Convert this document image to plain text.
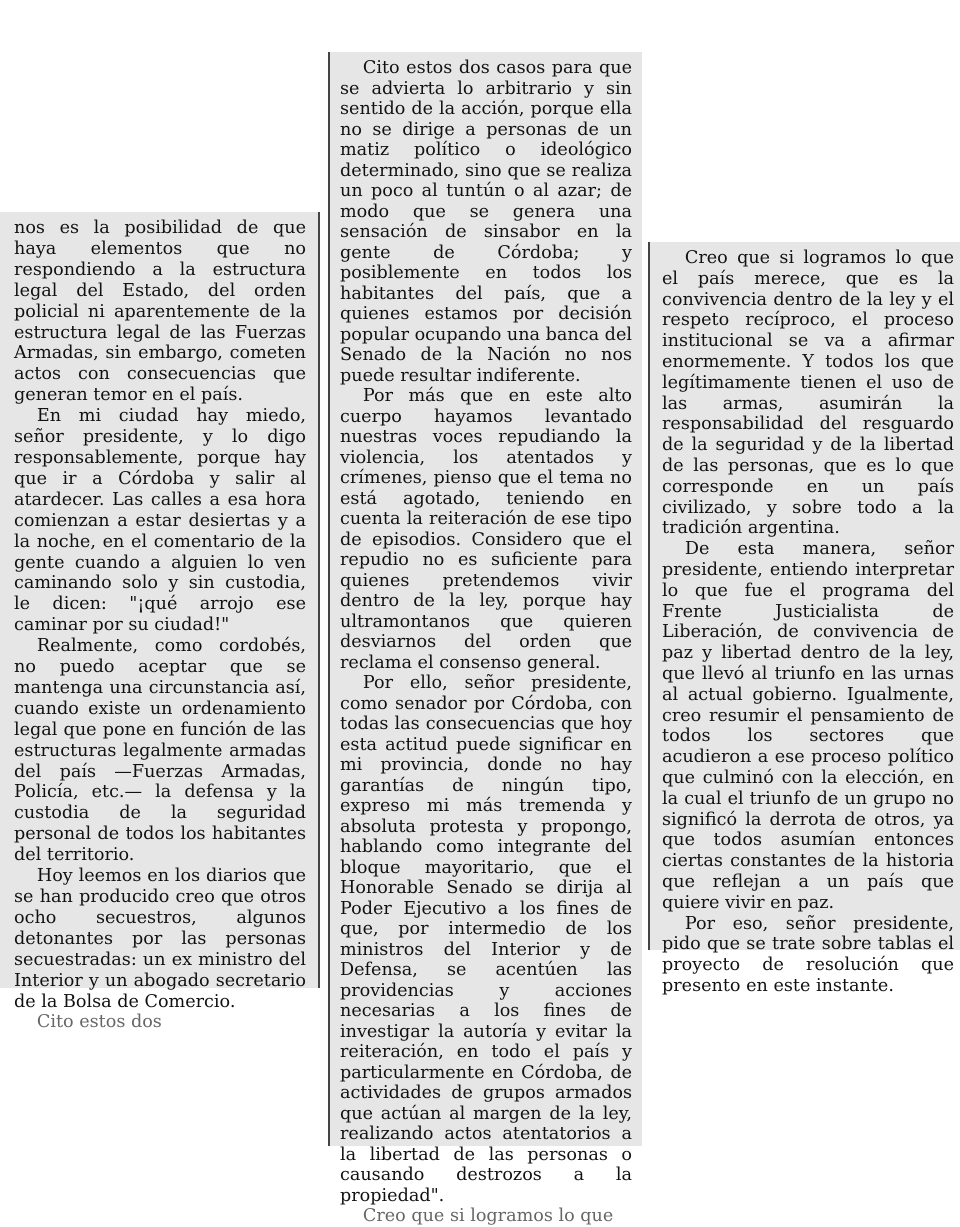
nos es la posibilidad de que haya elementos que no respondiendo a la estructura legal del Estado, del orden policial ni aparentemente de la estructura legal de las Fuerzas Armadas, sin embargo, cometen actos con consecuencias que generan temor en el país.

En mi ciudad hay miedo, señor presidente, y lo digo responsablemente, porque hay que ir a Córdoba y salir al atardecer. Las calles a esa hora comienzan a estar desiertas y a la noche, en el comentario de la gente cuando a alguien lo ven caminando solo y sin custodia, le dicen: "¡qué arrojo ese caminar por su ciudad!"

Realmente, como cordobés, no puedo aceptar que se mantenga una circunstancia así, cuando existe un ordenamiento legal que pone en función de las estructuras legalmente armadas del país —Fuerzas Armadas, Policía, etc.— la defensa y la custodia de la seguridad personal de todos los habitantes del territorio.

Hoy leemos en los diarios que se han producido creo que otros ocho secuestros, algunos detonantes por las personas secuestradas: un ex ministro del Interior y un abogado secretario de la Bolsa de Comercio.

Cito estos dos

Cito estos dos casos para que se advierta lo arbitrario y sin sentido de la acción, porque ella no se dirige a personas de un matiz político o ideológico determinado, sino que se realiza un poco al tuntún o al azar; de modo que se genera una sensación de sinsabor en la gente de Córdoba; y posiblemente en todos los habitantes del país, que a quienes estamos por decisión popular ocupando una banca del Senado de la Nación no nos puede resultar indiferente.

Por más que en este alto cuerpo hayamos levantado nuestras voces repudiando la violencia, los atentados y crímenes, pienso que el tema no está agotado, teniendo en cuenta la reiteración de ese tipo de episodios. Considero que el repudio no es suficiente para quienes pretendemos vivir dentro de la ley, porque hay ultramontanos que quieren desviarnos del orden que reclama el consenso general.

Por ello, señor presidente, como senador por Córdoba, con todas las consecuencias que hoy esta actitud puede significar en mi provincia, donde no hay garantías de ningún tipo, expreso mi más tremenda y absoluta protesta y propongo, hablando como integrante del bloque mayoritario, que el Honorable Senado se dirija al Poder Ejecutivo a los fines de que, por intermedio de los ministros del Interior y de Defensa, se acentúen las providencias y acciones necesarias a los fines de investigar la autoría y evitar la reiteración, en todo el país y particularmente en Córdoba, de actividades de grupos armados que actúan al margen de la ley, realizando actos atentatorios a la libertad de las personas o causando destrozos a la propiedad".

Creo que si logramos lo que

Creo que si logramos lo que el país merece, que es la convivencia dentro de la ley y el respeto recíproco, el proceso institucional se va a afirmar enormemente. Y todos los que legítimamente tienen el uso de las armas, asumirán la responsabilidad del resguardo de la seguridad y de la libertad de las personas, que es lo que corresponde en un país civilizado, y sobre todo a la tradición argentina.

De esta manera, señor presidente, entiendo interpretar lo que fue el programa del Frente Justicialista de Liberación, de convivencia de paz y libertad dentro de la ley, que llevó al triunfo en las urnas al actual gobierno. Igualmente, creo resumir el pensamiento de todos los sectores que acudieron a ese proceso político que culminó con la elección, en la cual el triunfo de un grupo no significó la derrota de otros, ya que todos asumían entonces ciertas constantes de la historia que reflejan a un país que quiere vivir en paz.

Por eso, señor presidente, pido que se trate sobre tablas el proyecto de resolución que presento en este instante.
